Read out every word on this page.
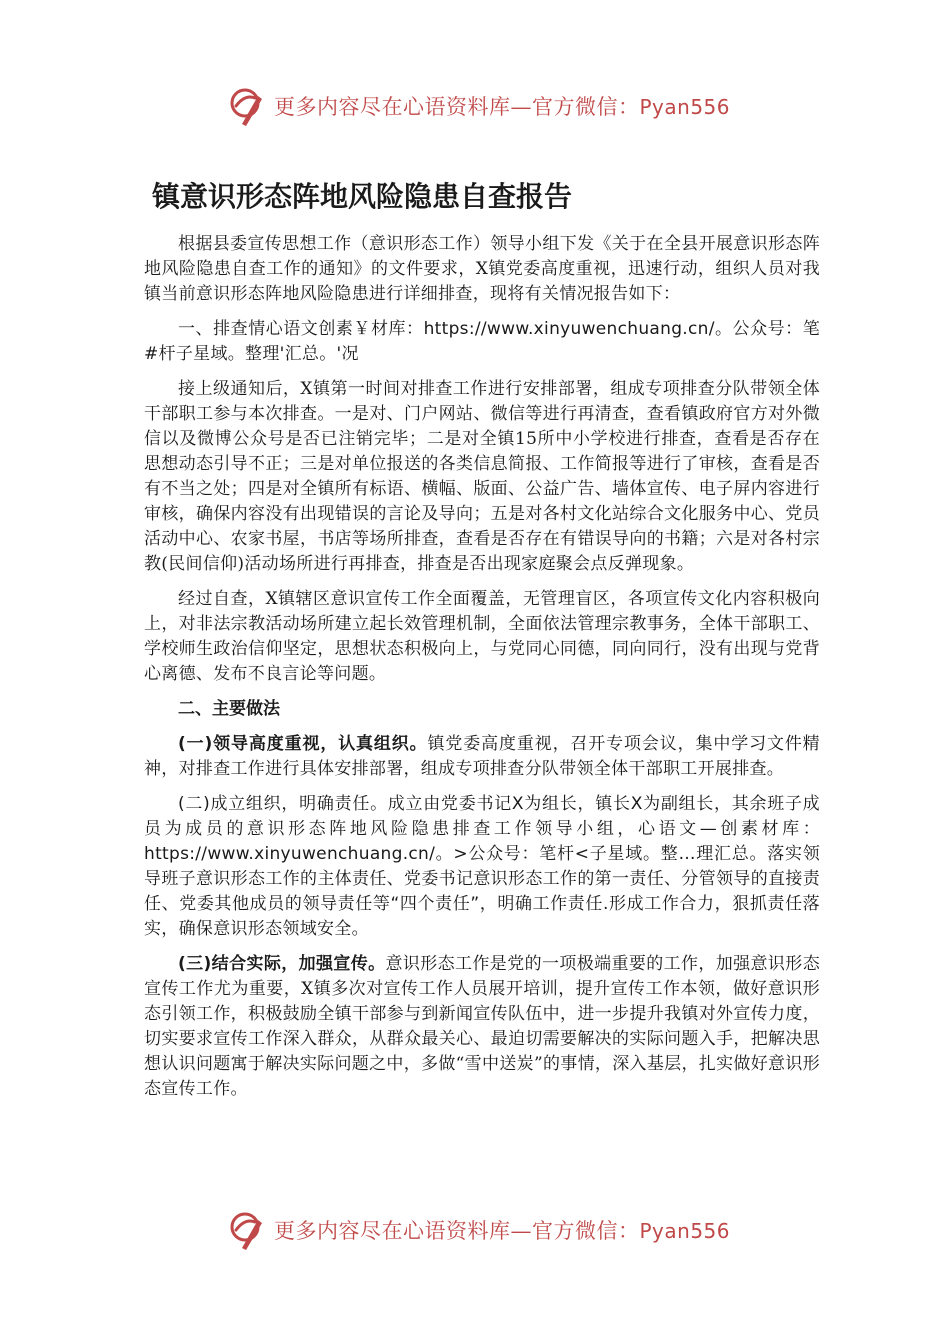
更多内容尽在心语资料库—官方微信：Pyan556
镇意识形态阵地风险隐患自查报告

根据县委宣传思想工作（意识形态工作）领导小组下发《关于在全县开展意识形态阵地风险隐患自查工作的通知》的文件要求，X镇党委高度重视，迅速行动，组织人员对我镇当前意识形态阵地风险隐患进行详细排查，现将有关情况报告如下：

一、排查情心语文创素￥材库：https://www.xinyuwenchuang.cn/。公众号：笔#杆子星域。整理'汇总。'况

接上级通知后，X镇第一时间对排查工作进行安排部署，组成专项排查分队带领全体干部职工参与本次排查。一是对、门户网站、微信等进行再清查，查看镇政府官方对外微信以及微博公众号是否已注销完毕；二是对全镇15所中小学校进行排查，查看是否存在思想动态引导不正；三是对单位报送的各类信息简报、工作简报等进行了审核，查看是否有不当之处；四是对全镇所有标语、横幅、版面、公益广告、墙体宣传、电子屏内容进行审核，确保内容没有出现错误的言论及导向；五是对各村文化站综合文化服务中心、党员活动中心、农家书屋，书店等场所排查，查看是否存在有错误导向的书籍；六是对各村宗教(民间信仰)活动场所进行再排查，排查是否出现家庭聚会点反弹现象。

经过自查，X镇辖区意识宣传工作全面覆盖，无管理盲区，各项宣传文化内容积极向上，对非法宗教活动场所建立起长效管理机制，全面依法管理宗教事务，全体干部职工、学校师生政治信仰坚定，思想状态积极向上，与党同心同德，同向同行，没有出现与党背心离德、发布不良言论等问题。

二、主要做法

(一)领导高度重视，认真组织。镇党委高度重视，召开专项会议，集中学习文件精神，对排查工作进行具体安排部署，组成专项排查分队带领全体干部职工开展排查。

(二)成立组织，明确责任。成立由党委书记X为组长，镇长X为副组长，其余班子成员为成员的意识形态阵地风险隐患排查工作领导小组，心语文—创素材库：https://www.xinyuwenchuang.cn/。>公众号：笔杆<子星域。整…理汇总。落实领导班子意识形态工作的主体责任、党委书记意识形态工作的第一责任、分管领导的直接责任、党委其他成员的领导责任等“四个责任”，明确工作责任.形成工作合力，狠抓责任落实，确保意识形态领域安全。

(三)结合实际，加强宣传。意识形态工作是党的一项极端重要的工作，加强意识形态宣传工作尤为重要，X镇多次对宣传工作人员展开培训，提升宣传工作本领，做好意识形态引领工作，积极鼓励全镇干部参与到新闻宣传队伍中，进一步提升我镇对外宣传力度，切实要求宣传工作深入群众，从群众最关心、最迫切需要解决的实际问题入手，把解决思想认识问题寓于解决实际问题之中，多做“雪中送炭”的事情，深入基层，扎实做好意识形态宣传工作。

更多内容尽在心语资料库—官方微信：Pyan556
